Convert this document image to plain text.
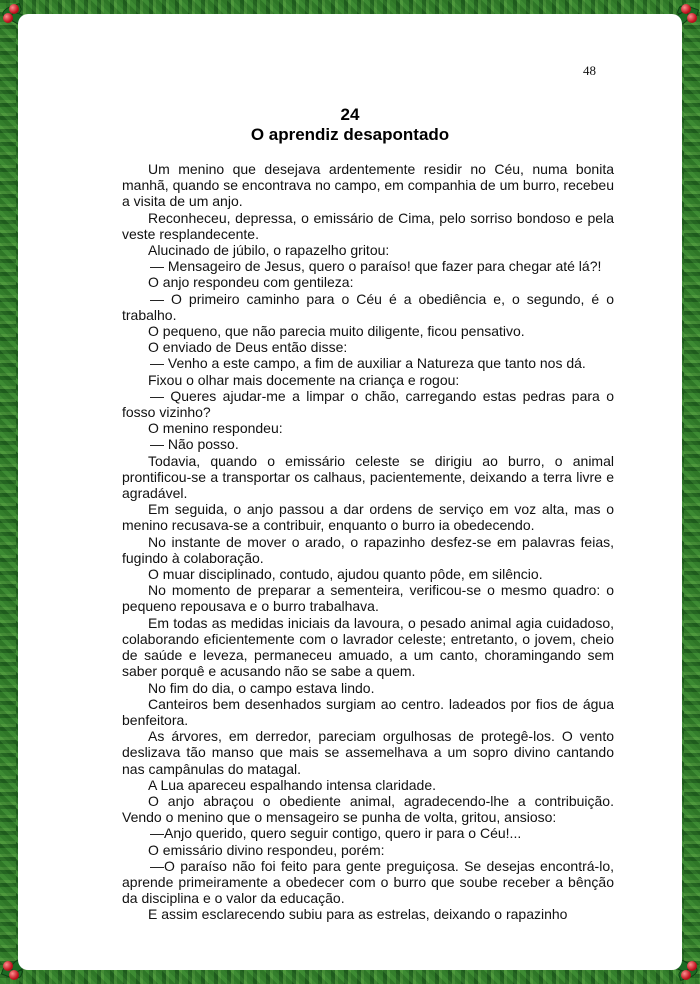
48
24
O aprendiz desapontado

Um menino que desejava ardentemente residir no Céu, numa bonita manhã, quando se encontrava no campo, em companhia de um burro, recebeu a visita de um anjo.

Reconheceu, depressa, o emissário de Cima, pelo sorriso bondoso e pela veste resplandecente.

Alucinado de júbilo, o rapazelho gritou:

— Mensageiro de Jesus, quero o paraíso! que fazer para chegar até lá?!

O anjo respondeu com gentileza:

— O primeiro caminho para o Céu é a obediência e, o segundo, é o trabalho.

O pequeno, que não parecia muito diligente, ficou pensativo.

O enviado de Deus então disse:

— Venho a este campo, a fim de auxiliar a Natureza que tanto nos dá.

Fixou o olhar mais docemente na criança e rogou:

— Queres ajudar-me a limpar o chão, carregando estas pedras para o fosso vizinho?

O menino respondeu:

— Não posso.

Todavia, quando o emissário celeste se dirigiu ao burro, o animal prontificou-se a transportar os calhaus, pacientemente, deixando a terra livre e agradável.

Em seguida, o anjo passou a dar ordens de serviço em voz alta, mas o menino recusava-se a contribuir, enquanto o burro ia obedecendo.

No instante de mover o arado, o rapazinho desfez-se em palavras feias, fugindo à colaboração.

O muar disciplinado, contudo, ajudou quanto pôde, em silêncio.

No momento de preparar a sementeira, verificou-se o mesmo quadro: o pequeno repousava e o burro trabalhava.

Em todas as medidas iniciais da lavoura, o pesado animal agia cuidadoso, colaborando eficientemente com o lavrador celeste; entretanto, o jovem, cheio de saúde e leveza, permaneceu amuado, a um canto, choramingando sem saber porquê e acusando não se sabe a quem.

No fim do dia, o campo estava lindo.

Canteiros bem desenhados surgiam ao centro. ladeados por fios de água benfeitora.

As árvores, em derredor, pareciam orgulhosas de protegê-los. O vento deslizava tão manso que mais se assemelhava a um sopro divino cantando nas campânulas do matagal.

A Lua apareceu espalhando intensa claridade.

O anjo abraçou o obediente animal, agradecendo-lhe a contribuição. Vendo o menino que o mensageiro se punha de volta, gritou, ansioso:

—Anjo querido, quero seguir contigo, quero ir para o Céu!...

O emissário divino respondeu, porém:

—O paraíso não foi feito para gente preguiçosa. Se desejas encontrá-lo, aprende primeiramente a obedecer com o burro que soube receber a bênção da disciplina e o valor da educação.

E assim esclarecendo subiu para as estrelas, deixando o rapazinho
